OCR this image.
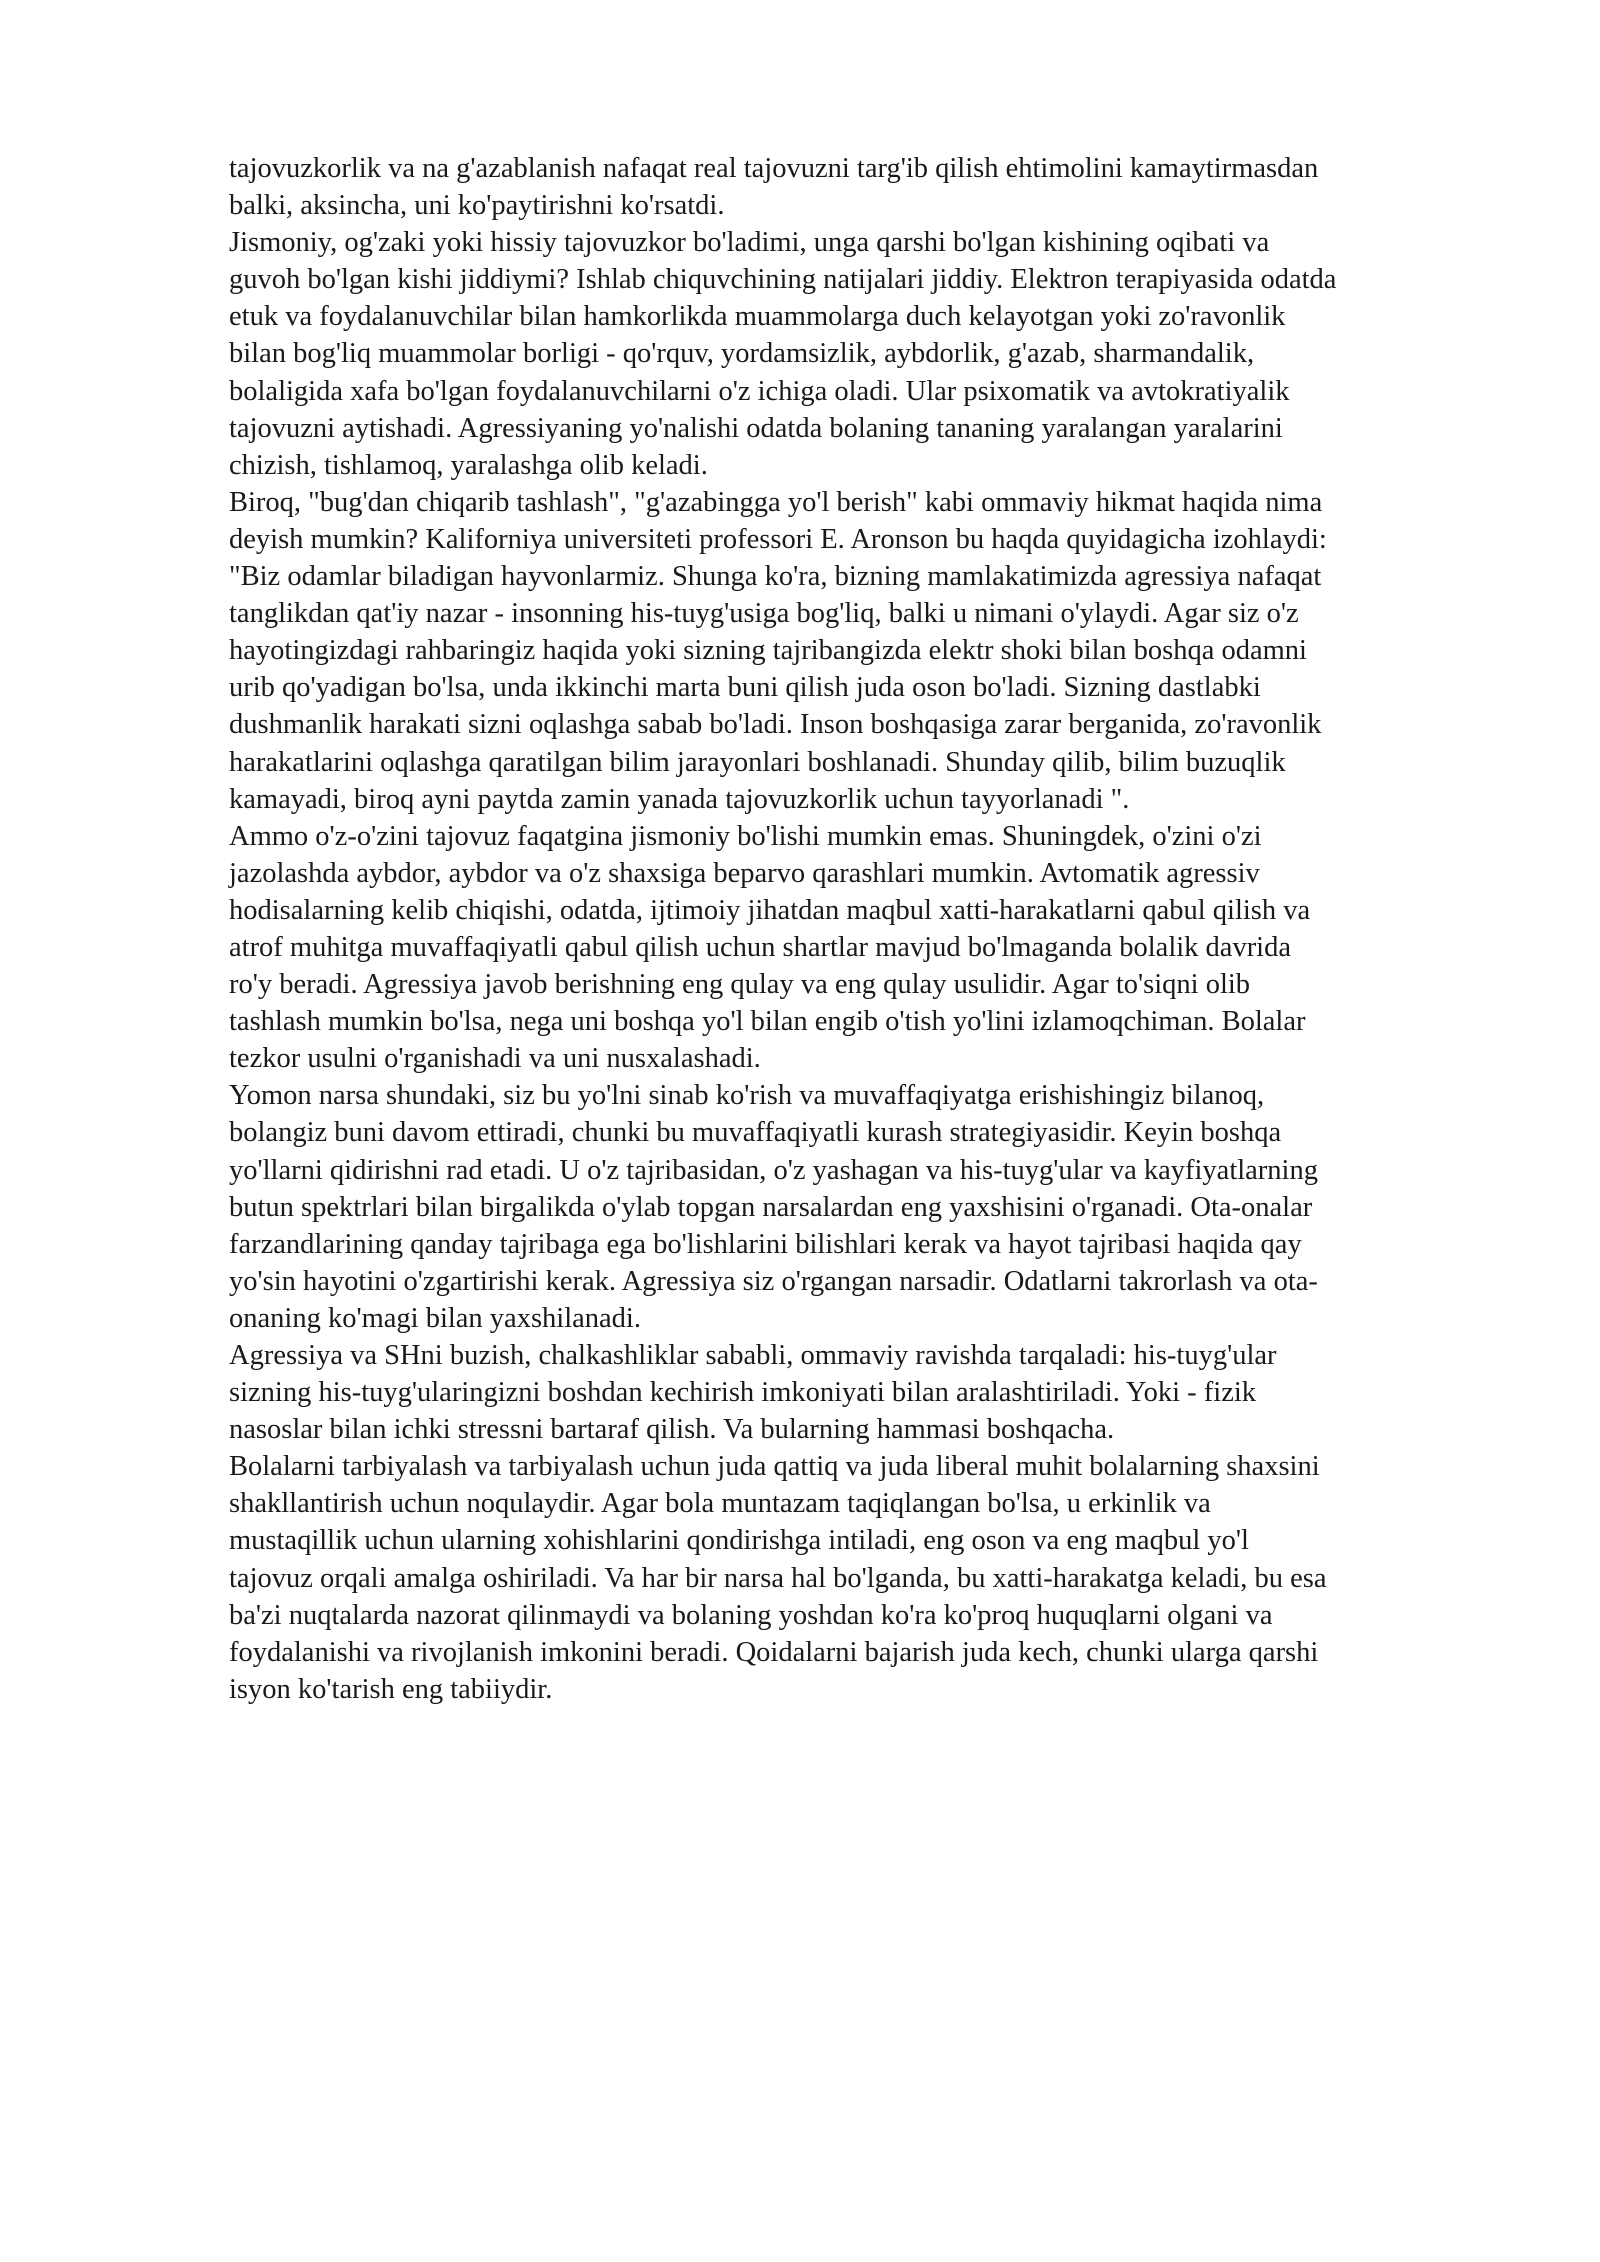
tajovuzkorlik va na g'azablanish nafaqat real tajovuzni targ'ib qilish ehtimolini kamaytirmasdan
balki, aksincha, uni ko'paytirishni ko'rsatdi.

Jismoniy, og'zaki yoki hissiy tajovuzkor bo'ladimi, unga qarshi bo'lgan kishining oqibati va
guvoh bo'lgan kishi jiddiymi? Ishlab chiquvchining natijalari jiddiy. Elektron terapiyasida odatda
etuk va foydalanuvchilar bilan hamkorlikda muammolarga duch kelayotgan yoki zo'ravonlik
bilan bog'liq muammolar borligi - qo'rquv, yordamsizlik, aybdorlik, g'azab, sharmandalik,
bolaligida xafa bo'lgan foydalanuvchilarni o'z ichiga oladi. Ular psixomatik va avtokratiyalik
tajovuzni aytishadi. Agressiyaning yo'nalishi odatda bolaning tananing yaralangan yaralarini
chizish, tishlamoq, yaralashga olib keladi.

Biroq, "bug'dan chiqarib tashlash", "g'azabingga yo'l berish" kabi ommaviy hikmat haqida nima
deyish mumkin? Kaliforniya universiteti professori E. Aronson bu haqda quyidagicha izohlaydi:
"Biz odamlar biladigan hayvonlarmiz. Shunga ko'ra, bizning mamlakatimizda agressiya nafaqat
tanglikdan qat'iy nazar - insonning his-tuyg'usiga bog'liq, balki u nimani o'ylaydi. Agar siz o'z
hayotingizdagi rahbaringiz haqida yoki sizning tajribangizda elektr shoki bilan boshqa odamni
urib qo'yadigan bo'lsa, unda ikkinchi marta buni qilish juda oson bo'ladi. Sizning dastlabki
dushmanlik harakati sizni oqlashga sabab bo'ladi. Inson boshqasiga zarar berganida, zo'ravonlik
harakatlarini oqlashga qaratilgan bilim jarayonlari boshlanadi. Shunday qilib, bilim buzuqlik
kamayadi, biroq ayni paytda zamin yanada tajovuzkorlik uchun tayyorlanadi ".

Ammo o'z-o'zini tajovuz faqatgina jismoniy bo'lishi mumkin emas. Shuningdek, o'zini o'zi
jazolashda aybdor, aybdor va o'z shaxsiga beparvo qarashlari mumkin. Avtomatik agressiv
hodisalarning kelib chiqishi, odatda, ijtimoiy jihatdan maqbul xatti-harakatlarni qabul qilish va
atrof muhitga muvaffaqiyatli qabul qilish uchun shartlar mavjud bo'lmaganda bolalik davrida
ro'y beradi. Agressiya javob berishning eng qulay va eng qulay usulidir. Agar to'siqni olib
tashlash mumkin bo'lsa, nega uni boshqa yo'l bilan engib o'tish yo'lini izlamoqchiman. Bolalar
tezkor usulni o'rganishadi va uni nusxalashadi.

Yomon narsa shundaki, siz bu yo'lni sinab ko'rish va muvaffaqiyatga erishishingiz bilanoq,
bolangiz buni davom ettiradi, chunki bu muvaffaqiyatli kurash strategiyasidir. Keyin boshqa
yo'llarni qidirishni rad etadi. U o'z tajribasidan, o'z yashagan va his-tuyg'ular va kayfiyatlarning
butun spektrlari bilan birgalikda o'ylab topgan narsalardan eng yaxshisini o'rganadi. Ota-onalar
farzandlarining qanday tajribaga ega bo'lishlarini bilishlari kerak va hayot tajribasi haqida qay
yo'sin hayotini o'zgartirishi kerak. Agressiya siz o'rgangan narsadir. Odatlarni takrorlash va ota-
onaning ko'magi bilan yaxshilanadi.

Agressiya va SHni buzish, chalkashliklar sababli, ommaviy ravishda tarqaladi: his-tuyg'ular
sizning his-tuyg'ularingizni boshdan kechirish imkoniyati bilan aralashtiriladi. Yoki - fizik
nasoslar bilan ichki stressni bartaraf qilish. Va bularning hammasi boshqacha.

Bolalarni tarbiyalash va tarbiyalash uchun juda qattiq va juda liberal muhit bolalarning shaxsini
shakllantirish uchun noqulaydir. Agar bola muntazam taqiqlangan bo'lsa, u erkinlik va
mustaqillik uchun ularning xohishlarini qondirishga intiladi, eng oson va eng maqbul yo'l
tajovuz orqali amalga oshiriladi. Va har bir narsa hal bo'lganda, bu xatti-harakatga keladi, bu esa
ba'zi nuqtalarda nazorat qilinmaydi va bolaning yoshdan ko'ra ko'proq huquqlarni olgani va
foydalanishi va rivojlanish imkonini beradi. Qoidalarni bajarish juda kech, chunki ularga qarshi
isyon ko'tarish eng tabiiydir.
